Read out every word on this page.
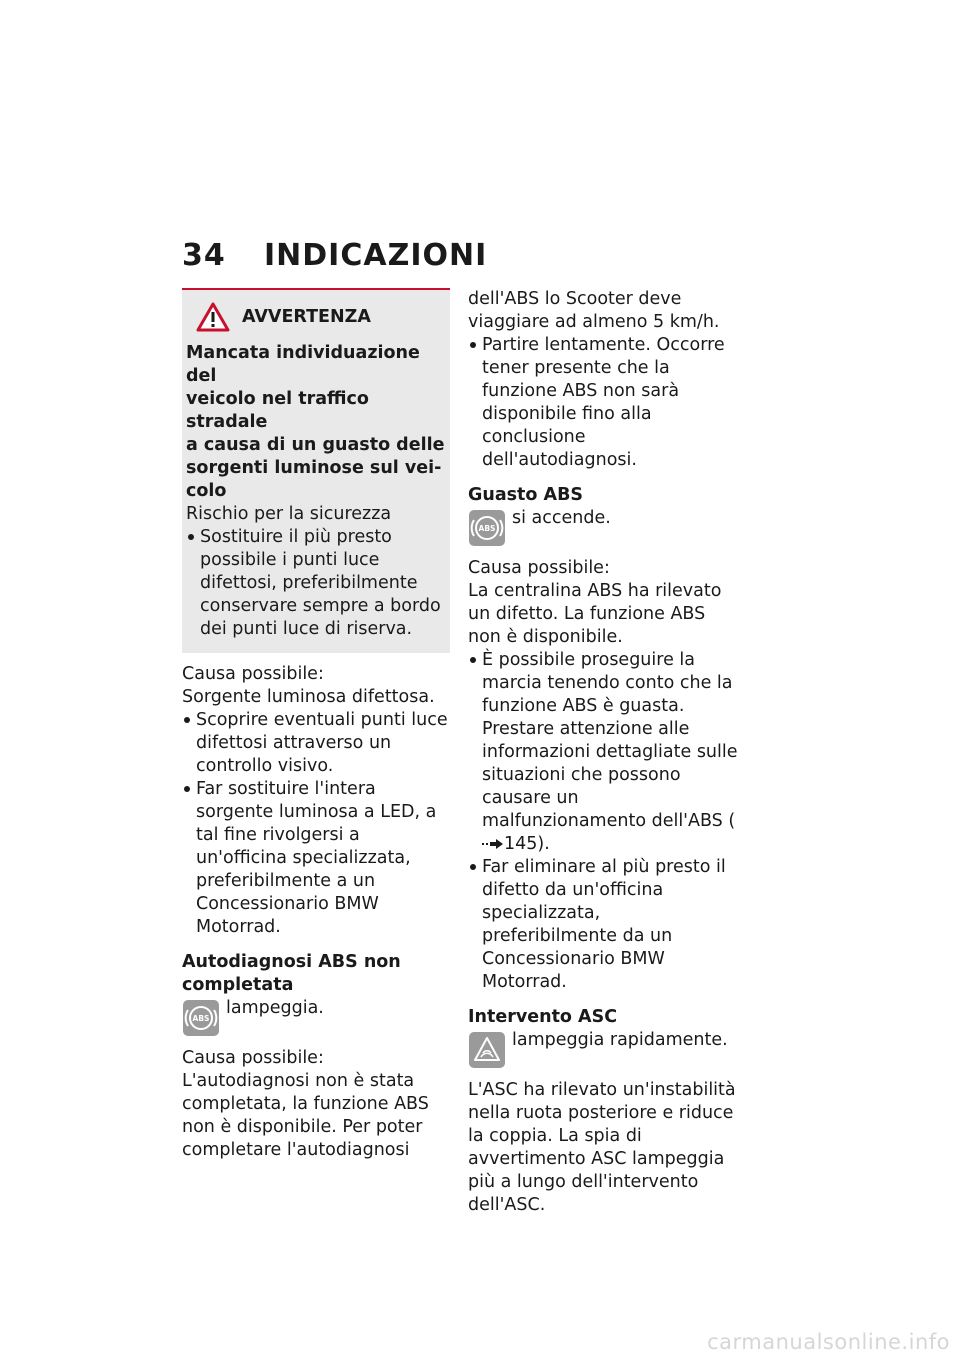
34 INDICAZIONI
AVVERTENZA
Mancata individuazione del
veicolo nel traffico stradale
a causa di un guasto delle
sorgenti luminose sul vei-
colo
Rischio per la sicurezza
Sostituire il più presto possibile i punti luce difettosi, preferibilmente conservare sempre a bordo dei punti luce di riserva.
Causa possibile:
Sorgente luminosa difettosa.
Scoprire eventuali punti luce difettosi attraverso un controllo visivo.
Far sostituire l'intera sorgente luminosa a LED, a tal fine rivolgersi a un'officina specializzata, preferibilmente a un Concessionario BMW Motorrad.
Autodiagnosi ABS non completata
ABS
lampeggia.
Causa possibile:
L'autodiagnosi non è stata completata, la funzione ABS non è disponibile. Per poter completare l'autodiagnosi
dell'ABS lo Scooter deve viaggiare ad almeno 5 km/h.
Partire lentamente. Occorre tener presente che la funzione ABS non sarà disponibile fino alla conclusione dell'autodiagnosi.
Guasto ABS
ABS
si accende.
Causa possibile:
La centralina ABS ha rilevato un difetto. La funzione ABS non è disponibile.
È possibile proseguire la marcia tenendo conto che la funzione ABS è guasta. Prestare attenzione alle informazioni dettagliate sulle situazioni che possono causare un malfunzionamento dell'ABS (145).
Far eliminare al più presto il difetto da un'officina specializzata, preferibilmente da un Concessionario BMW Motorrad.
Intervento ASC
lampeggia rapidamente.
L'ASC ha rilevato un'instabilità nella ruota posteriore e riduce la coppia. La spia di avvertimento ASC lampeggia più a lungo dell'intervento dell'ASC.
carmanualsonline.info
